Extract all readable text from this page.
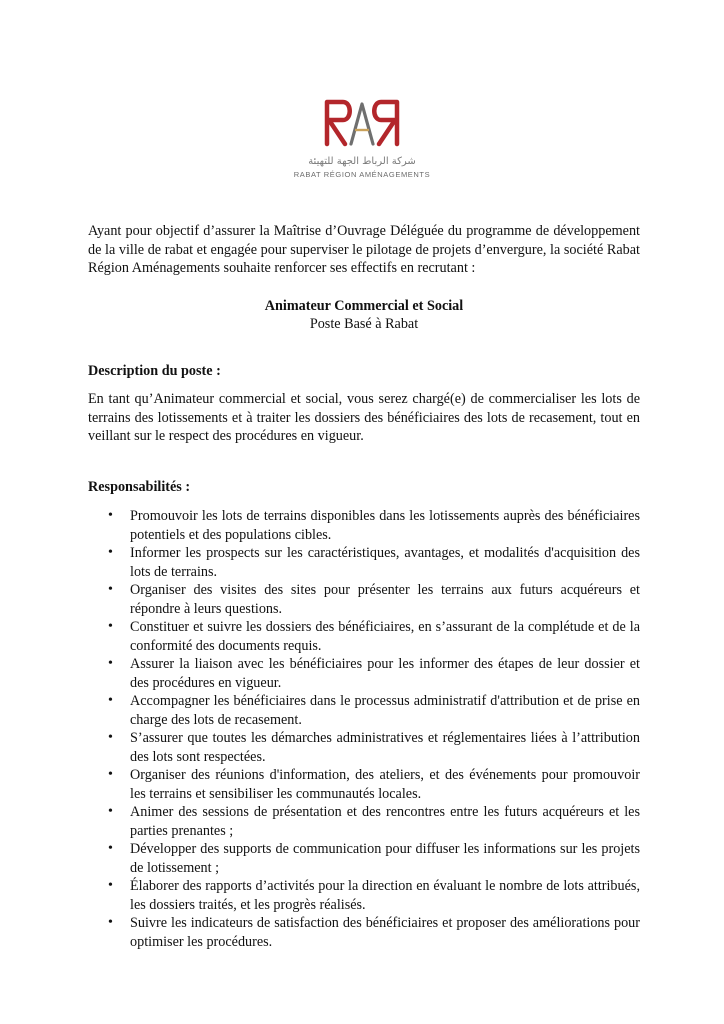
شركة الرباط الجهة للتهيئة
RABAT RÉGION AMÉNAGEMENTS

Ayant pour objectif d’assurer la Maîtrise d’Ouvrage Déléguée du programme de développement de la ville de rabat et engagée pour superviser le pilotage de projets d’envergure, la société Rabat Région Aménagements souhaite renforcer ses effectifs en recrutant :

Animateur Commercial et Social

Poste Basé à Rabat

Description du poste :

En tant qu’Animateur commercial et social, vous serez chargé(e) de commercialiser les lots de terrains des lotissements et à traiter les dossiers des bénéficiaires des lots de recasement, tout en veillant sur le respect des procédures en vigueur.

Responsabilités :

• Promouvoir les lots de terrains disponibles dans les lotissements auprès des bénéficiaires potentiels et des populations cibles.
• Informer les prospects sur les caractéristiques, avantages, et modalités d'acquisition des lots de terrains.
• Organiser des visites des sites pour présenter les terrains aux futurs acquéreurs et répondre à leurs questions.
• Constituer et suivre les dossiers des bénéficiaires, en s’assurant de la complétude et de la conformité des documents requis.
• Assurer la liaison avec les bénéficiaires pour les informer des étapes de leur dossier et des procédures en vigueur.
• Accompagner les bénéficiaires dans le processus administratif d'attribution et de prise en charge des lots de recasement.
• S’assurer que toutes les démarches administratives et réglementaires liées à l’attribution des lots sont respectées.
• Organiser des réunions d'information, des ateliers, et des événements pour promouvoir les terrains et sensibiliser les communautés locales.
• Animer des sessions de présentation et des rencontres entre les futurs acquéreurs et les parties prenantes ;
• Développer des supports de communication pour diffuser les informations sur les projets de lotissement ;
• Élaborer des rapports d’activités pour la direction en évaluant le nombre de lots attribués, les dossiers traités, et les progrès réalisés.
• Suivre les indicateurs de satisfaction des bénéficiaires et proposer des améliorations pour optimiser les procédures.
